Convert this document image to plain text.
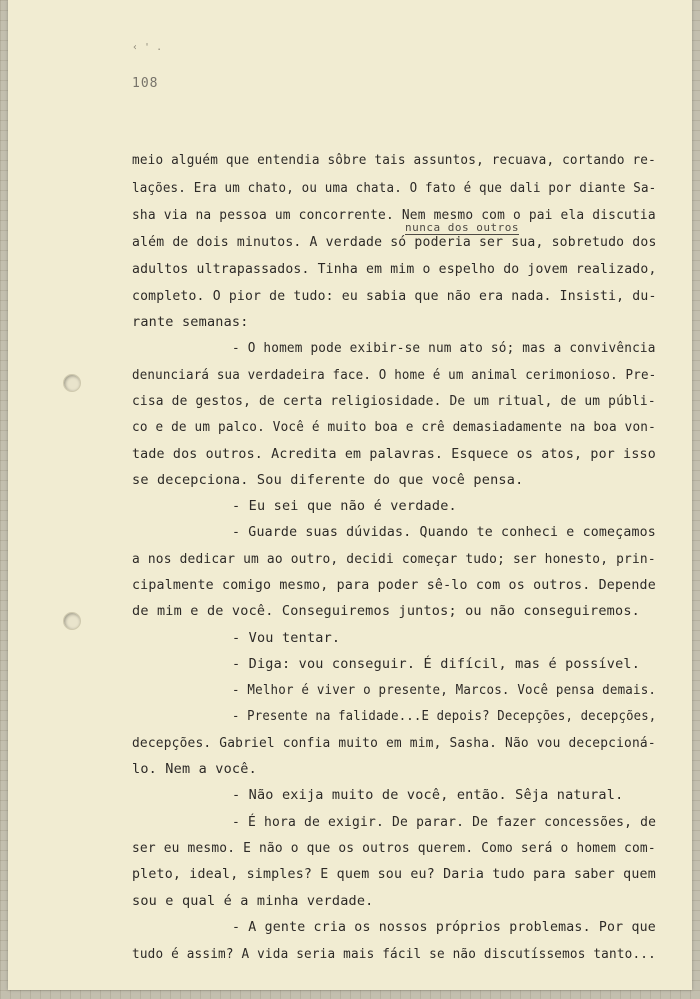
‹ ' .
108
nunca dos outros
meio alguém que entendia sôbre tais assuntos, recuava, cortando re-
lações. Era um chato, ou uma chata. O fato é que dali por diante Sa-
sha via na pessoa um concorrente. Nem mesmo com o pai ela discutia
além de dois minutos. A verdade só poderia ser sua, sobretudo dos
adultos ultrapassados. Tinha em mim o espelho do jovem realizado,
completo. O pior de tudo: eu sabia que não era nada. Insisti, du-
rante semanas:
- O homem pode exibir-se num ato só; mas a convivência
denunciará sua verdadeira face. O home é um animal cerimonioso. Pre-
cisa de gestos, de certa religiosidade. De um ritual, de um públi-
co e de um palco. Você é muito boa e crê demasiadamente na boa von-
tade dos outros. Acredita em palavras. Esquece os atos, por isso
se decepciona. Sou diferente do que você pensa.
- Eu sei que não é verdade.
- Guarde suas dúvidas. Quando te conheci e começamos
a nos dedicar um ao outro, decidi começar tudo; ser honesto, prin-
cipalmente comigo mesmo, para poder sê-lo com os outros. Depende
de mim e de você. Conseguiremos juntos; ou não conseguiremos.
- Vou tentar.
- Diga: vou conseguir. É difícil, mas é possível.
- Melhor é viver o presente, Marcos. Você pensa demais.
- Presente na falidade...E depois? Decepções, decepções,
decepções. Gabriel confia muito em mim, Sasha. Não vou decepcioná-
lo. Nem a você.
- Não exija muito de você, então. Sêja natural.
- É hora de exigir. De parar. De fazer concessões, de
ser eu mesmo. E não o que os outros querem. Como será o homem com-
pleto, ideal, simples? E quem sou eu? Daria tudo para saber quem
sou e qual é a minha verdade.
- A gente cria os nossos próprios problemas. Por que
tudo é assim? A vida seria mais fácil se não discutíssemos tanto...
